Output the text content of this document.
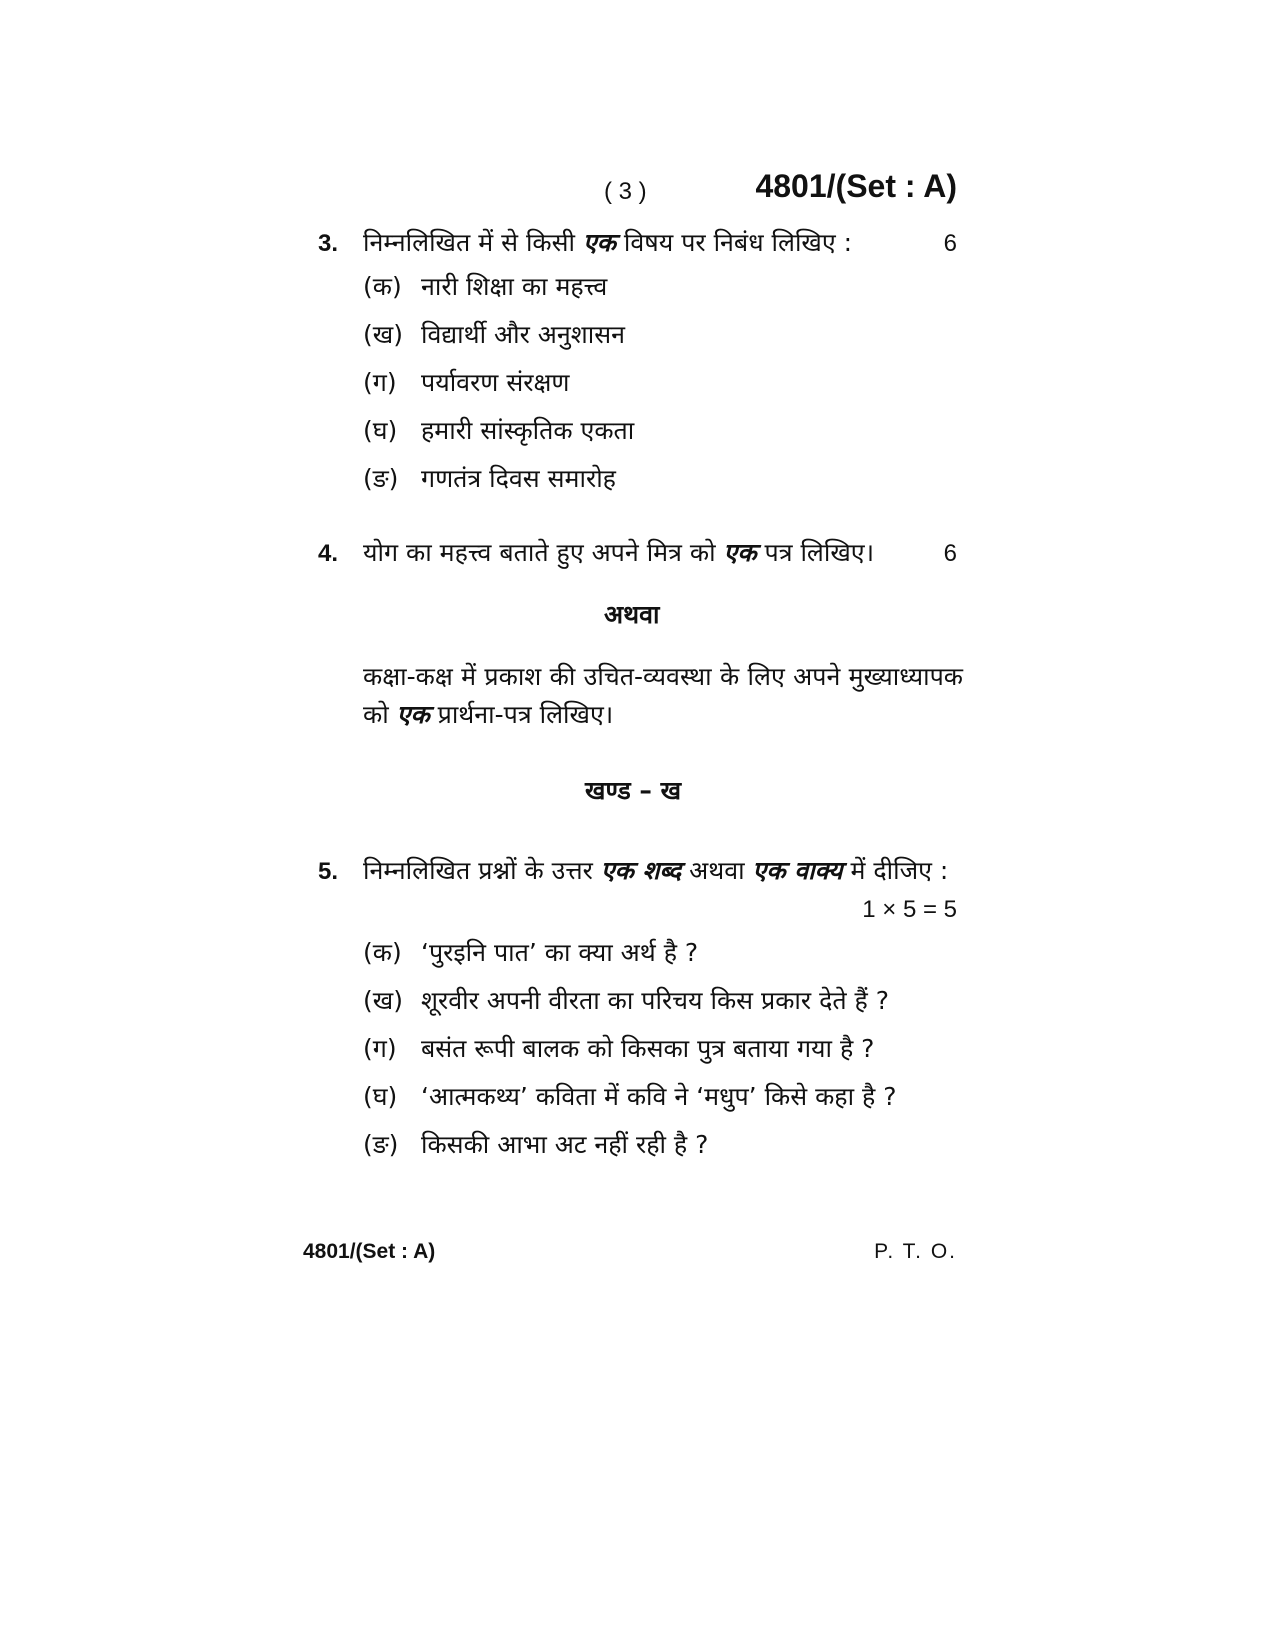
( 3 )	4801/(Set : A)
3. निम्नलिखित में से किसी एक विषय पर निबंध लिखिए :	6
(क) नारी शिक्षा का महत्त्व
(ख) विद्यार्थी और अनुशासन
(ग) पर्यावरण संरक्षण
(घ) हमारी सांस्कृतिक एकता
(ङ) गणतंत्र दिवस समारोह
4. योग का महत्त्व बताते हुए अपने मित्र को एक पत्र लिखिए।	6
अथवा
कक्षा-कक्ष में प्रकाश की उचित-व्यवस्था के लिए अपने मुख्याध्यापक को एक प्रार्थना-पत्र लिखिए।
खण्ड – ख
5. निम्नलिखित प्रश्नों के उत्तर एक शब्द अथवा एक वाक्य में दीजिए :
1 × 5 = 5
(क) ‘पुरइनि पात’ का क्या अर्थ है ?
(ख) शूरवीर अपनी वीरता का परिचय किस प्रकार देते हैं ?
(ग) बसंत रूपी बालक को किसका पुत्र बताया गया है ?
(घ) ‘आत्मकथ्य’ कविता में कवि ने ‘मधुप’ किसे कहा है ?
(ङ) किसकी आभा अट नहीं रही है ?
4801/(Set : A)	P. T. O.
